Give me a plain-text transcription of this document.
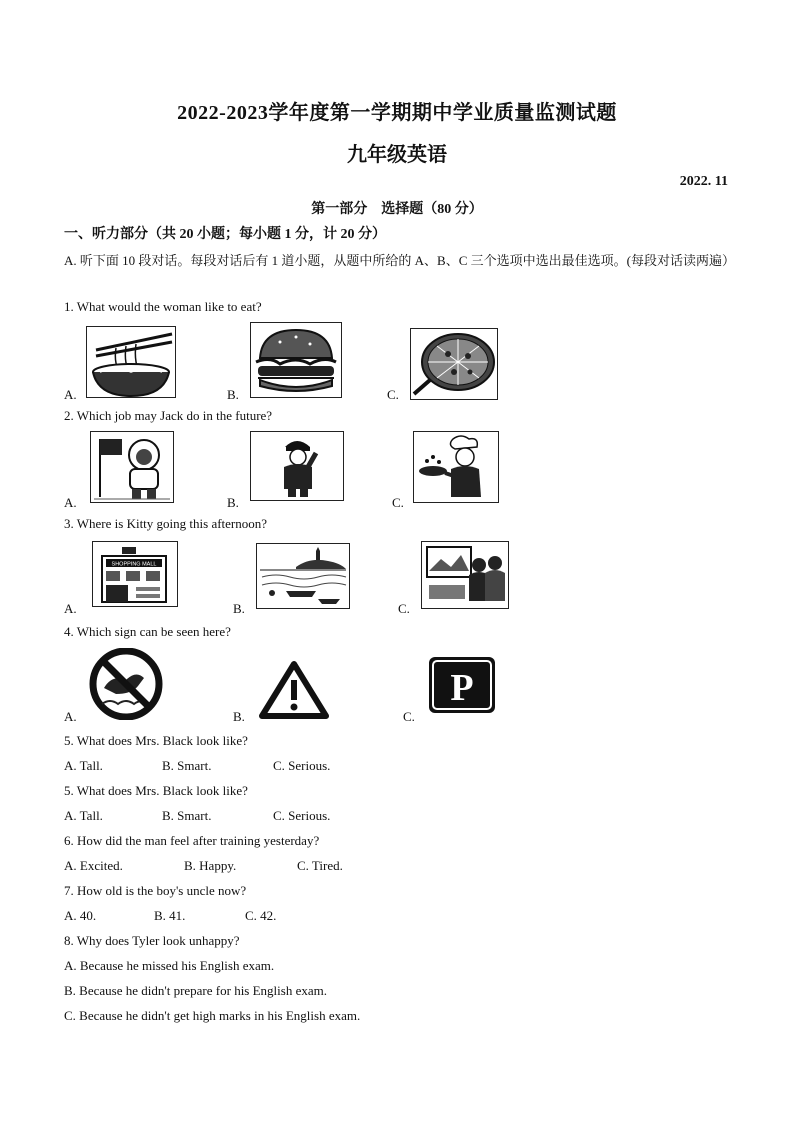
2022-2023学年度第一学期期中学业质量监测试题
九年级英语
2022. 11
第一部分　选择题（80 分）
一、听力部分（共 20 小题；每小题 1 分，计 20 分）
A. 听下面 10 段对话。每段对话后有 1 道小题，从题中所给的 A、B、C 三个选项中选出最佳选项。(每段对话读两遍）
1. What would the woman like to eat?
A.	B.	C.
2. Which job may Jack do in the future?
A.	B.	C.
3. Where is Kitty going this afternoon?
A.
SHOPPING MALL
B.	C.
4. Which sign can be seen here?
A.	B.	C.
P
5. What does Mrs. Black look like?
A. Tall.	B. Smart.	C. Serious.
5. What does Mrs. Black look like?
A. Tall.	B. Smart.	C. Serious.
6. How did the man feel after training yesterday?
A. Excited.	B. Happy.	C. Tired.
7. How old is the boy's uncle now?
A. 40.	B. 41.	C. 42.
8. Why does Tyler look unhappy?
A. Because he missed his English exam.
B. Because he didn't prepare for his English exam.
C. Because he didn't get high marks in his English exam.
